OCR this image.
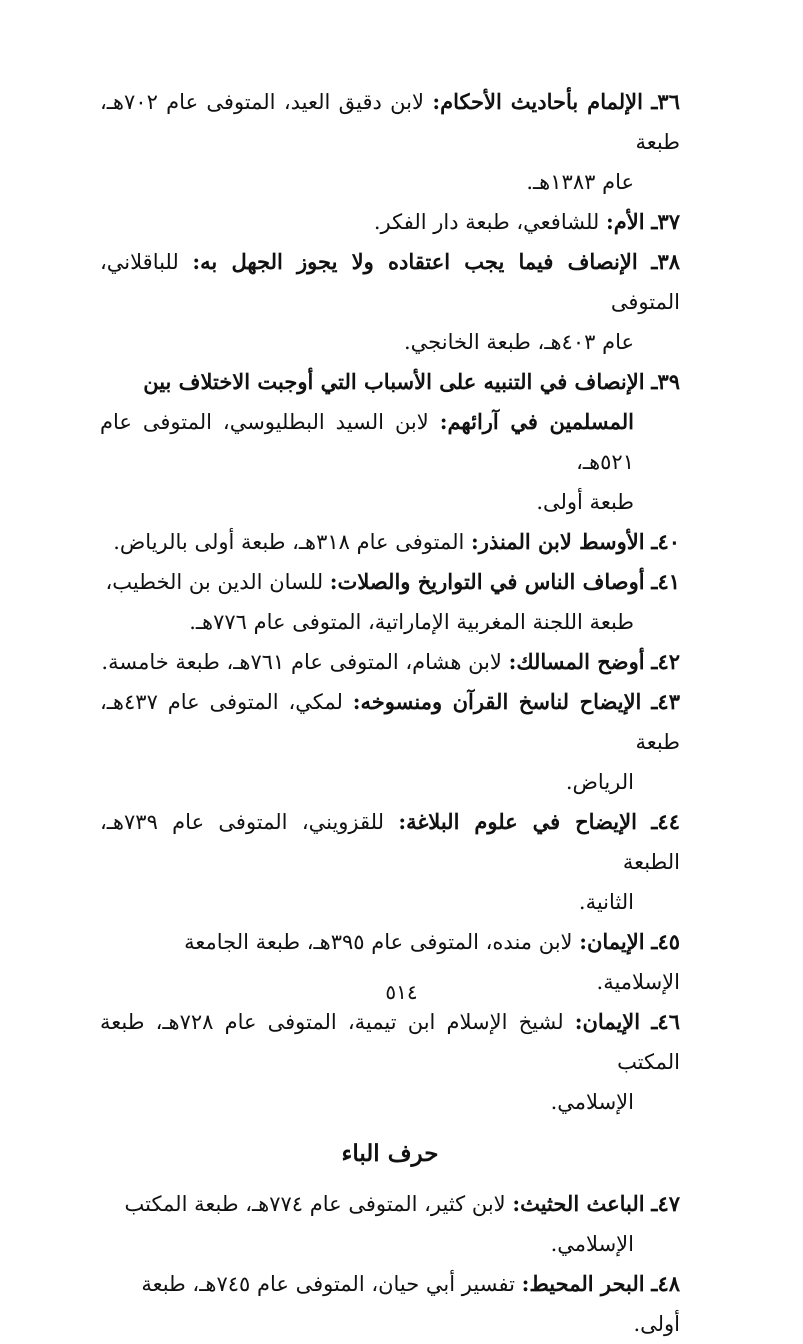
٣٦ـ الإلمام بأحاديث الأحكام: لابن دقيق العيد، المتوفى عام ٧٠٢هـ، طبعة

عام ١٣٨٣هـ.

٣٧ـ الأم: للشافعي، طبعة دار الفكر.

٣٨ـ الإنصاف فيما يجب اعتقاده ولا يجوز الجهل به: للباقلاني، المتوفى

عام ٤٠٣هـ، طبعة الخانجي.

٣٩ـ الإنصاف في التنبيه على الأسباب التي أوجبت الاختلاف بين

المسلمين في آرائهم: لابن السيد البطليوسي، المتوفى عام ٥٢١هـ،

طبعة أولى.

٤٠ـ الأوسط لابن المنذر: المتوفى عام ٣١٨هـ، طبعة أولى بالرياض.

٤١ـ أوصاف الناس في التواريخ والصلات: للسان الدين بن الخطيب،

طبعة اللجنة المغربية الإماراتية، المتوفى عام ٧٧٦هـ.

٤٢ـ أوضح المسالك: لابن هشام، المتوفى عام ٧٦١هـ، طبعة خامسة.

٤٣ـ الإيضاح لناسخ القرآن ومنسوخه: لمكي، المتوفى عام ٤٣٧هـ، طبعة

الرياض.

٤٤ـ الإيضاح في علوم البلاغة: للقزويني، المتوفى عام ٧٣٩هـ، الطبعة

الثانية.

٤٥ـ الإيمان: لابن منده، المتوفى عام ٣٩٥هـ، طبعة الجامعة الإسلامية.

٤٦ـ الإيمان: لشيخ الإسلام ابن تيمية، المتوفى عام ٧٢٨هـ، طبعة المكتب

الإسلامي.

حرف الباء

٤٧ـ الباعث الحثيث: لابن كثير، المتوفى عام ٧٧٤هـ، طبعة المكتب

الإسلامي.

٤٨ـ البحر المحيط: تفسير أبي حيان، المتوفى عام ٧٤٥هـ، طبعة أولى.

٥١٤
